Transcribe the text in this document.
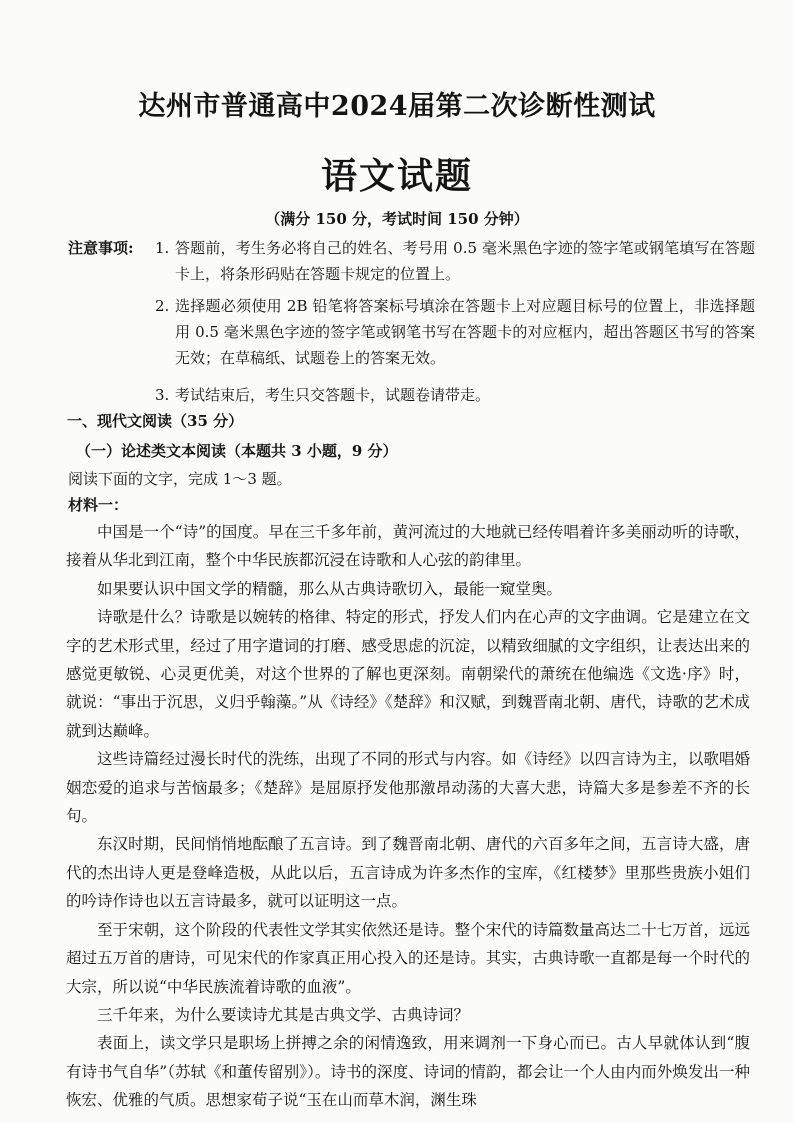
达州市普通高中2024届第二次诊断性测试
语文试题
（满分 150 分，考试时间 150 分钟）
注意事项: 1. 答题前，考生务必将自己的姓名、考号用 0.5 毫米黑色字迹的签字笔或钢笔填写在答题卡上，将条形码贴在答题卡规定的位置上。
2. 选择题必须使用 2B 铅笔将答案标号填涂在答题卡上对应题目标号的位置上，非选择题用 0.5 毫米黑色字迹的签字笔或钢笔书写在答题卡的对应框内，超出答题区书写的答案无效；在草稿纸、试题卷上的答案无效。
3. 考试结束后，考生只交答题卡，试题卷请带走。
一、现代文阅读（35 分）
（一）论述类文本阅读（本题共 3 小题，9 分）
阅读下面的文字，完成 1～3 题。
材料一：

中国是一个“诗”的国度。早在三千多年前，黄河流过的大地就已经传唱着许多美丽动听的诗歌，接着从华北到江南，整个中华民族都沉浸在诗歌和人心弦的韵律里。

如果要认识中国文学的精髓，那么从古典诗歌切入，最能一窥堂奥。

诗歌是什么？诗歌是以婉转的格律、特定的形式，抒发人们内在心声的文字曲调。它是建立在文字的艺术形式里，经过了用字遣词的打磨、感受思虑的沉淀，以精致细腻的文字组织，让表达出来的感觉更敏锐、心灵更优美，对这个世界的了解也更深刻。南朝梁代的萧统在他编选《文选·序》时，就说：“事出于沉思，义归乎翰藻。”从《诗经》《楚辞》和汉赋，到魏晋南北朝、唐代，诗歌的艺术成就到达巅峰。

这些诗篇经过漫长时代的洗练，出现了不同的形式与内容。如《诗经》以四言诗为主，以歌唱婚姻恋爱的追求与苦恼最多；《楚辞》是屈原抒发他那激昂动荡的大喜大悲，诗篇大多是参差不齐的长句。

东汉时期，民间悄悄地酝酿了五言诗。到了魏晋南北朝、唐代的六百多年之间，五言诗大盛，唐代的杰出诗人更是登峰造极，从此以后，五言诗成为许多杰作的宝库，《红楼梦》里那些贵族小姐们的吟诗作诗也以五言诗最多，就可以证明这一点。

至于宋朝，这个阶段的代表性文学其实依然还是诗。整个宋代的诗篇数量高达二十七万首，远远超过五万首的唐诗，可见宋代的作家真正用心投入的还是诗。其实，古典诗歌一直都是每一个时代的大宗，所以说“中华民族流着诗歌的血液”。

三千年来，为什么要读诗尤其是古典文学、古典诗词？

表面上，读文学只是职场上拼搏之余的闲情逸致，用来调剂一下身心而已。古人早就体认到“腹有诗书气自华”（苏轼《和董传留别》）。诗书的深度、诗词的情韵，都会让一个人由内而外焕发出一种恢宏、优雅的气质。思想家荀子说“玉在山而草木润，渊生珠
